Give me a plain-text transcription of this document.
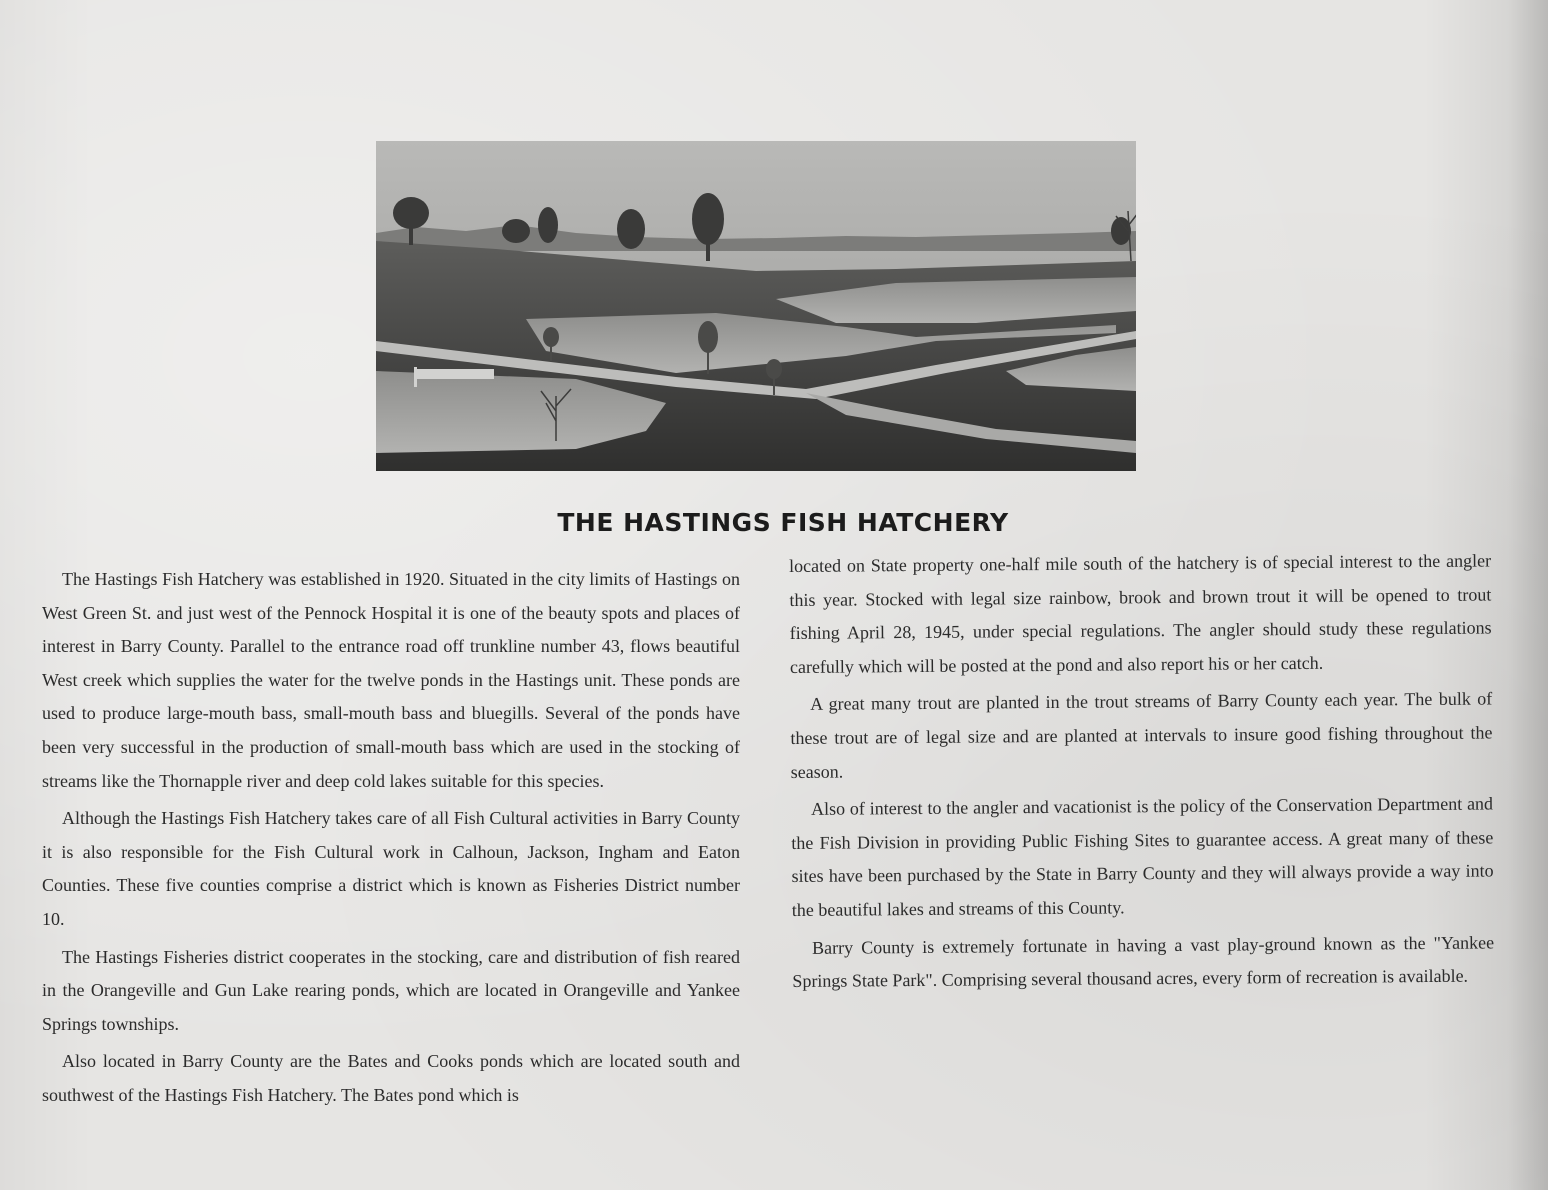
THE HASTINGS FISH HATCHERY

The Hastings Fish Hatchery was established in 1920. Situated in the city limits of Hastings on West Green St. and just west of the Pennock Hospital it is one of the beauty spots and places of interest in Barry County. Parallel to the entrance road off trunkline number 43, flows beautiful West creek which supplies the water for the twelve ponds in the Hastings unit. These ponds are used to produce large-mouth bass, small-mouth bass and bluegills. Several of the ponds have been very successful in the production of small-mouth bass which are used in the stocking of streams like the Thornapple river and deep cold lakes suitable for this species.

Although the Hastings Fish Hatchery takes care of all Fish Cultural activities in Barry County it is also responsible for the Fish Cultural work in Calhoun, Jackson, Ingham and Eaton Counties. These five counties comprise a district which is known as Fisheries District number 10.

The Hastings Fisheries district cooperates in the stocking, care and distribution of fish reared in the Orangeville and Gun Lake rearing ponds, which are located in Orangeville and Yankee Springs townships.

Also located in Barry County are the Bates and Cooks ponds which are located south and southwest of the Hastings Fish Hatchery. The Bates pond which is

located on State property one-half mile south of the hatchery is of special interest to the angler this year. Stocked with legal size rainbow, brook and brown trout it will be opened to trout fishing April 28, 1945, under special regulations. The angler should study these regulations carefully which will be posted at the pond and also report his or her catch.

A great many trout are planted in the trout streams of Barry County each year. The bulk of these trout are of legal size and are planted at intervals to insure good fishing throughout the season.

Also of interest to the angler and vacationist is the policy of the Conservation Department and the Fish Division in providing Public Fishing Sites to guarantee access. A great many of these sites have been purchased by the State in Barry County and they will always provide a way into the beautiful lakes and streams of this County.

Barry County is extremely fortunate in having a vast play-ground known as the "Yankee Springs State Park". Comprising several thousand acres, every form of recreation is available.
